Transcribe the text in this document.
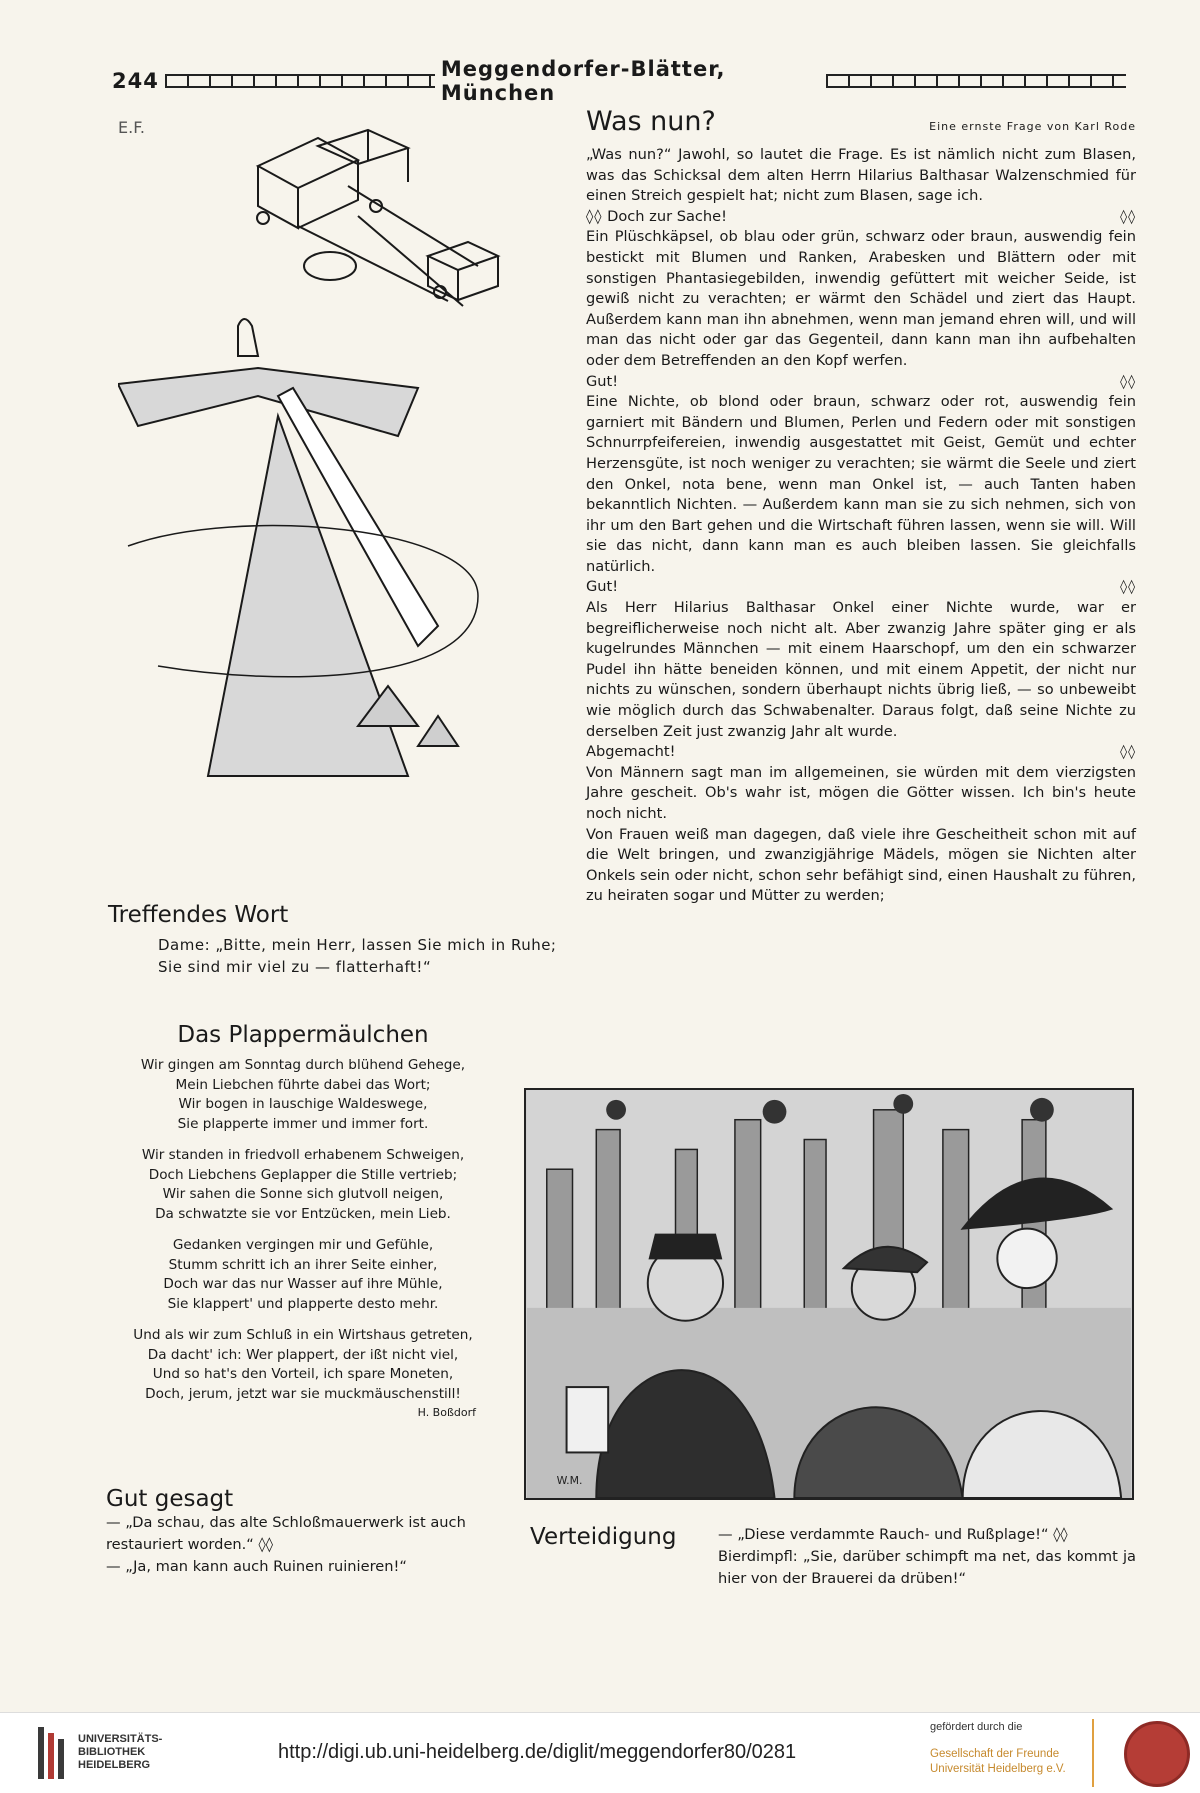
244	Meggendorfer-Blätter, München
E.F.	Was nun?	Eine ernste Frage von Karl Rode

„Was nun?“ Jawohl, so lautet die Frage. Es ist nämlich nicht zum Blasen, was das Schicksal dem alten Herrn Hilarius Balthasar Walzenschmied für einen Streich gespielt hat; nicht zum Blasen, sage ich.

◊◊ Doch zur Sache!	◊◊

Ein Plüschkäpsel, ob blau oder grün, schwarz oder braun, auswendig fein bestickt mit Blumen und Ranken, Arabesken und Blättern oder mit sonstigen Phantasiegebilden, inwendig gefüttert mit weicher Seide, ist gewiß nicht zu verachten; er wärmt den Schädel und ziert das Haupt. Außerdem kann man ihn abnehmen, wenn man jemand ehren will, und will man das nicht oder gar das Gegenteil, dann kann man ihn aufbehalten oder dem Betreffenden an den Kopf werfen.

Gut!	◊◊

Eine Nichte, ob blond oder braun, schwarz oder rot, auswendig fein garniert mit Bändern und Blumen, Perlen und Federn oder mit sonstigen Schnurrpfeifereien, inwendig ausgestattet mit Geist, Gemüt und echter Herzensgüte, ist noch weniger zu verachten; sie wärmt die Seele und ziert den Onkel, nota bene, wenn man Onkel ist, — auch Tanten haben bekanntlich Nichten. — Außerdem kann man sie zu sich nehmen, sich von ihr um den Bart gehen und die Wirtschaft führen lassen, wenn sie will. Will sie das nicht, dann kann man es auch bleiben lassen. Sie gleichfalls natürlich.

Gut!	◊◊

Als Herr Hilarius Balthasar Onkel einer Nichte wurde, war er begreiflicherweise noch nicht alt. Aber zwanzig Jahre später ging er als kugelrundes Männchen — mit einem Haarschopf, um den ein schwarzer Pudel ihn hätte beneiden können, und mit einem Appetit, der nicht nur nichts zu wünschen, sondern überhaupt nichts übrig ließ, — so unbeweibt wie möglich durch das Schwabenalter. Daraus folgt, daß seine Nichte zu derselben Zeit just zwanzig Jahr alt wurde.

Abgemacht!	◊◊

Von Männern sagt man im allgemeinen, sie würden mit dem vierzigsten Jahre gescheit. Ob's wahr ist, mögen die Götter wissen. Ich bin's heute noch nicht.

Von Frauen weiß man dagegen, daß viele ihre Gescheitheit schon mit auf die Welt bringen, und zwanzigjährige Mädels, mögen sie Nichten alter Onkels sein oder nicht, schon sehr befähigt sind, einen Haushalt zu führen, zu heiraten sogar und Mütter zu werden;

Treffendes Wort
Dame: „Bitte, mein Herr, lassen Sie mich in Ruhe; Sie sind mir viel zu — flatterhaft!“
Das Plappermäulchen
Wir gingen am Sonntag durch blühend Gehege,
Mein Liebchen führte dabei das Wort;
Wir bogen in lauschige Waldeswege,
Sie plapperte immer und immer fort.
Wir standen in friedvoll erhabenem Schweigen,
Doch Liebchens Geplapper die Stille vertrieb;
Wir sahen die Sonne sich glutvoll neigen,
Da schwatzte sie vor Entzücken, mein Lieb.
Gedanken vergingen mir und Gefühle,
Stumm schritt ich an ihrer Seite einher,
Doch war das nur Wasser auf ihre Mühle,
Sie klappert' und plapperte desto mehr.
Und als wir zum Schluß in ein Wirtshaus getreten,
Da dacht' ich: Wer plappert, der ißt nicht viel,
Und so hat's den Vorteil, ich spare Moneten,
Doch, jerum, jetzt war sie muckmäuschenstill!
H. Boßdorf
Gut gesagt
— „Da schau, das alte Schloßmauerwerk ist auch restauriert worden.“ ◊◊
— „Ja, man kann auch Ruinen ruinieren!“
W.M.
Verteidigung	— „Diese verdammte Rauch- und Rußplage!“ ◊◊
Bierdimpfl: „Sie, darüber schimpft ma net, das kommt ja hier von der Brauerei da drüben!“
UNIVERSITÄTS-
BIBLIOTHEK
HEIDELBERG
http://digi.ub.uni-heidelberg.de/diglit/meggendorfer80/0281
gefördert durch die
Gesellschaft der Freunde
Universität Heidelberg e.V.
